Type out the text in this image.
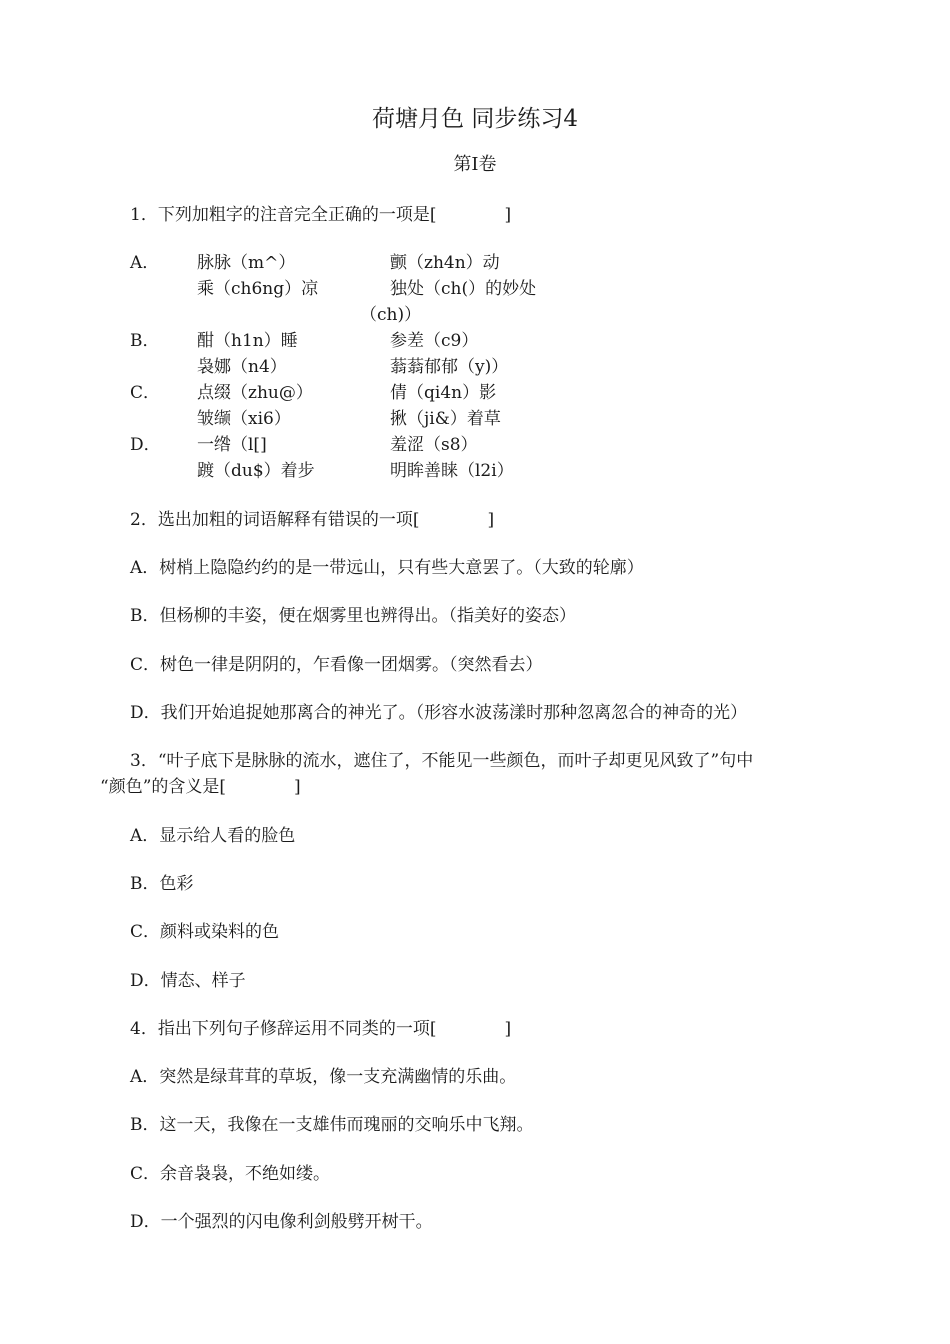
荷塘月色 同步练习4
第Ⅰ卷
1．下列加粗字的注音完全正确的一项是[　　　　]
A． 脉脉（m^）	颤（zh4n）动
乘（ch6ng）凉	独处（ch(）的妙处
（ch)）
B． 酣（h1n）睡	参差（c9）
袅娜（n4）	蓊蓊郁郁（y)）
C． 点缀（zhu@）	倩（qi4n）影
皱缬（xi6）	揪（ji&）着草
D． 一绺（l[]	羞涩（s8）
踱（du$）着步	明眸善睐（l2i）
2．选出加粗的词语解释有错误的一项[　　　　]
A．树梢上隐隐约约的是一带远山，只有些大意罢了。（大致的轮廓）
B．但杨柳的丰姿，便在烟雾里也辨得出。（指美好的姿态）
C．树色一律是阴阴的，乍看像一团烟雾。（突然看去）
D．我们开始追捉她那离合的神光了。（形容水波荡漾时那种忽离忽合的神奇的光）
3．“叶子底下是脉脉的流水，遮住了，不能见一些颜色，而叶子却更见风致了”句中
“颜色”的含义是[　　　　]
A．显示给人看的脸色
B．色彩
C．颜料或染料的色
D．情态、样子
4．指出下列句子修辞运用不同类的一项[　　　　]
A．突然是绿茸茸的草坂，像一支充满幽情的乐曲。
B．这一天，我像在一支雄伟而瑰丽的交响乐中飞翔。
C．余音袅袅，不绝如缕。
D．一个强烈的闪电像利剑般劈开树干。
